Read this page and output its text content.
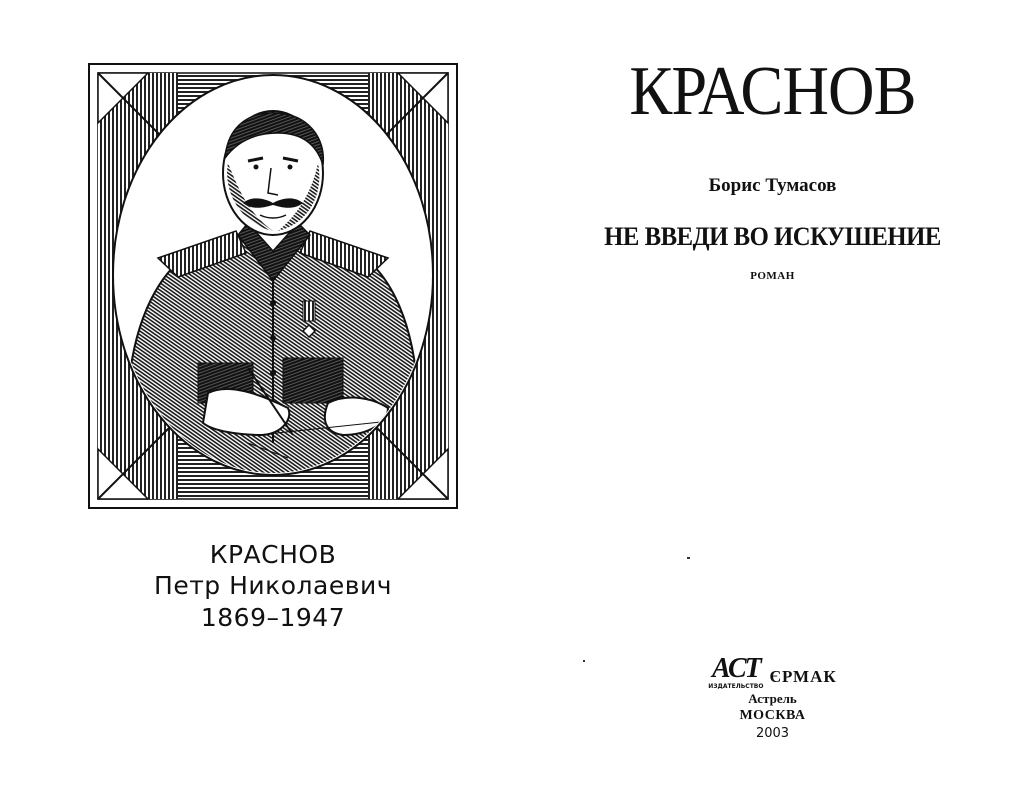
КРАСНОВ
Петр Николаевич
1869–1947
КРАСНОВ
Борис Тумасов
НЕ ВВЕДИ ВО ИСКУШЕНИЕ
РОМАН
АСТ
ИЗДАТЕЛЬСТВО
ЄРМАК
Астрель
МОСКВА
2003
